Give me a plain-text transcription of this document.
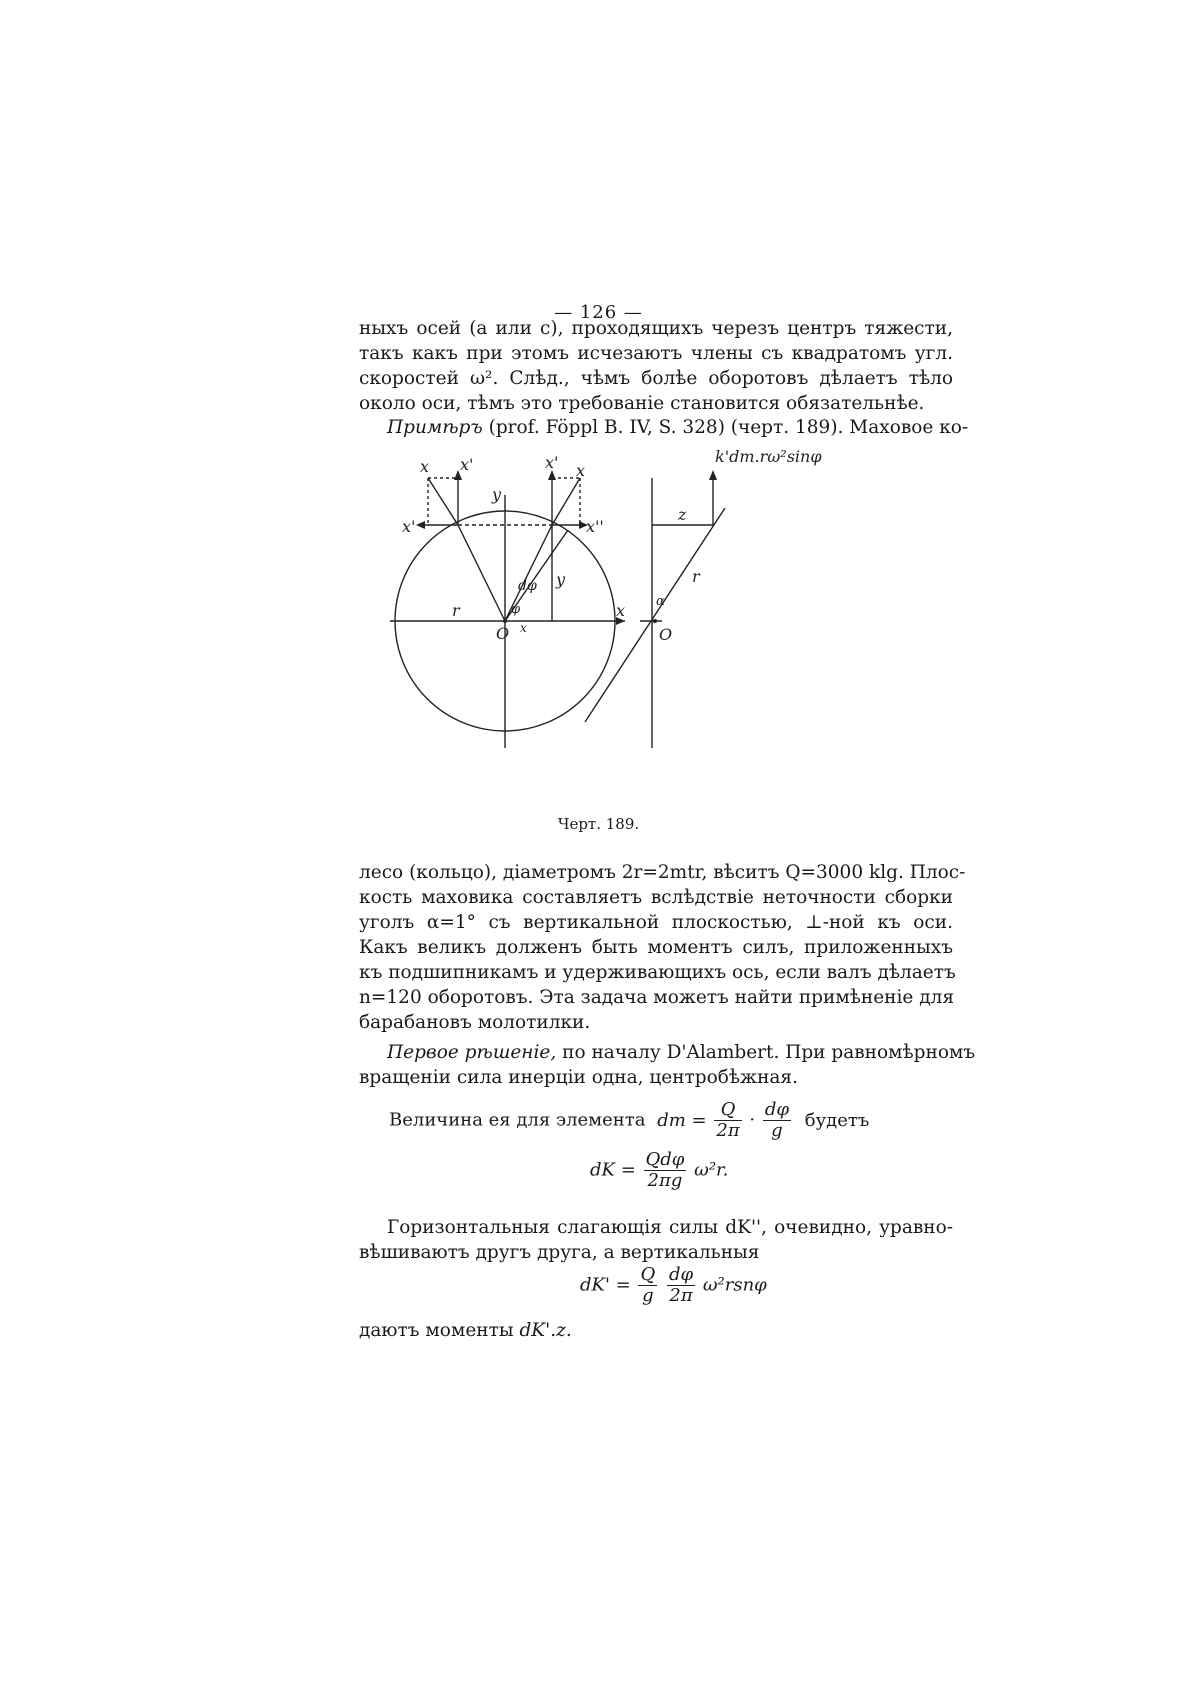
— 126 —
ныхъ осей (a или c), проходящихъ черезъ центръ тяжести,
такъ какъ при этомъ исчезаютъ члены съ квадратомъ угл.
скоростей ω². Слѣд., чѣмъ болѣе оборотовъ дѣлаетъ тѣло
около оси, тѣмъ это требованіе становится обязательнѣе.
Примѣръ (prof. Föppl B. IV, S. 328) (черт. 189). Маховое ко-
x x'	x' x
x'	x''
y
y
r	x
O x
dφ
φ
k'dm.rω²sinφ
z
r
α
O
Черт. 189.
лесо (кольцо), діаметромъ 2r=2mtr, вѣситъ Q=3000 klg. Плос-
кость маховика составляетъ вслѣдствіе неточности сборки
уголъ α=1° съ вертикальной плоскостью, ⊥-ной къ оси.
Какъ великъ долженъ быть моментъ силъ, приложенныхъ
къ подшипникамъ и удерживающихъ ось, если валъ дѣлаетъ
n=120 оборотовъ. Эта задача можетъ найти примѣненіе для
барабановъ молотилки.
Первое рѣшеніе, по началу D'Alambert. При равномѣрномъ
вращеніи сила инерціи одна, центробѣжная.
Величина ея для элемента dm = $\frac{Q}{2\pi} \cdot \frac{d\varphi}{g}$ будетъ
dK = $\frac{\text{Qdφ}}{2\pi g} \omega^2r$.
Горизонтальныя слагающія силы dK'', очевидно, уравно-
вѣшиваютъ другъ друга, а вертикальныя
$dK' = \frac{Q}{g}$
$\frac{d\varphi}{2\pi} \omega^2rsn\varphi$
даютъ моменты dK'.z.
